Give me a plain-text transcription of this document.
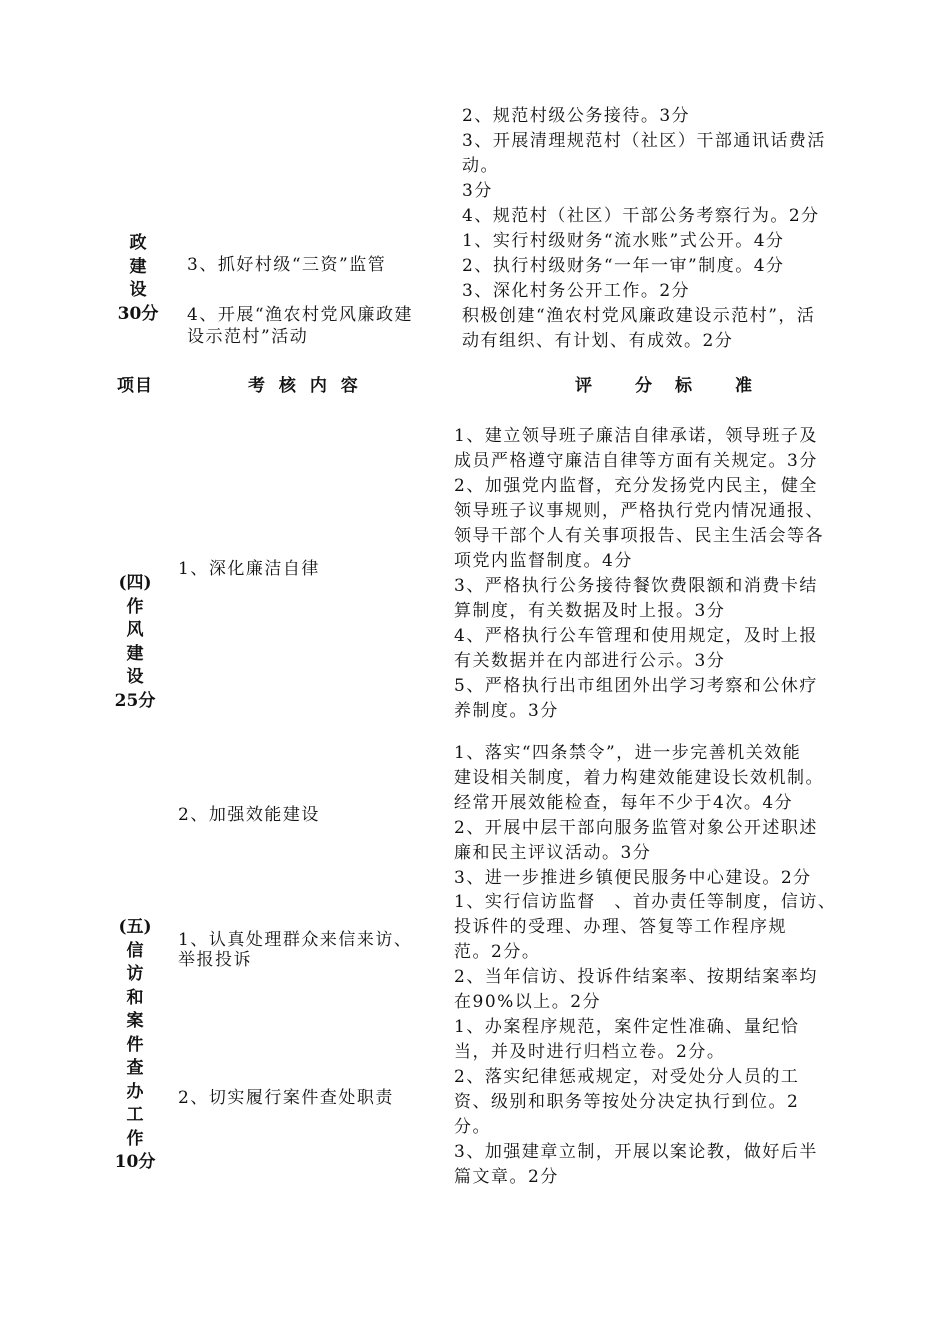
政
建
设
30分
3、抓好村级“三资”监管
4、开展“渔农村党风廉政建
设示范村”活动
2、规范村级公务接待。3分
3、开展清理规范村（社区）干部通讯话费活
动。
3分
4、规范村（社区）干部公务考察行为。2分
1、实行村级财务“流水账”式公开。4分
2、执行村级财务“一年一审”制度。4分
3、深化村务公开工作。2分
积极创建“渔农村党风廉政建设示范村”，活
动有组织、有计划、有成效。2分
项目	考 核 内 容	评　　分　标　　准
(四)
作
风
建
设
25分
1、深化廉洁自律
1、建立领导班子廉洁自律承诺，领导班子及
成员严格遵守廉洁自律等方面有关规定。3分
2、加强党内监督，充分发扬党内民主，健全
领导班子议事规则，严格执行党内情况通报、
领导干部个人有关事项报告、民主生活会等各
项党内监督制度。4分
3、严格执行公务接待餐饮费限额和消费卡结
算制度，有关数据及时上报。3分
4、严格执行公车管理和使用规定，及时上报
有关数据并在内部进行公示。3分
5、严格执行出市组团外出学习考察和公休疗
养制度。3分
2、加强效能建设
1、落实“四条禁令”，进一步完善机关效能
建设相关制度，着力构建效能建设长效机制。
经常开展效能检查，每年不少于4次。4分
2、开展中层干部向服务监管对象公开述职述
廉和民主评议活动。3分
3、进一步推进乡镇便民服务中心建设。2分
(五)
信
访
和
案
件
查
办
工
作
10分
1、认真处理群众来信来访、
举报投诉
1、实行信访监督　、首办责任等制度，信访、
投诉件的受理、办理、答复等工作程序规
范。2分。
2、当年信访、投诉件结案率、按期结案率均
在90%以上。2分
2、切实履行案件查处职责
1、办案程序规范，案件定性准确、量纪恰
当，并及时进行归档立卷。2分。
2、落实纪律惩戒规定，对受处分人员的工
资、级别和职务等按处分决定执行到位。2
分。
3、加强建章立制，开展以案论教，做好后半
篇文章。2分
